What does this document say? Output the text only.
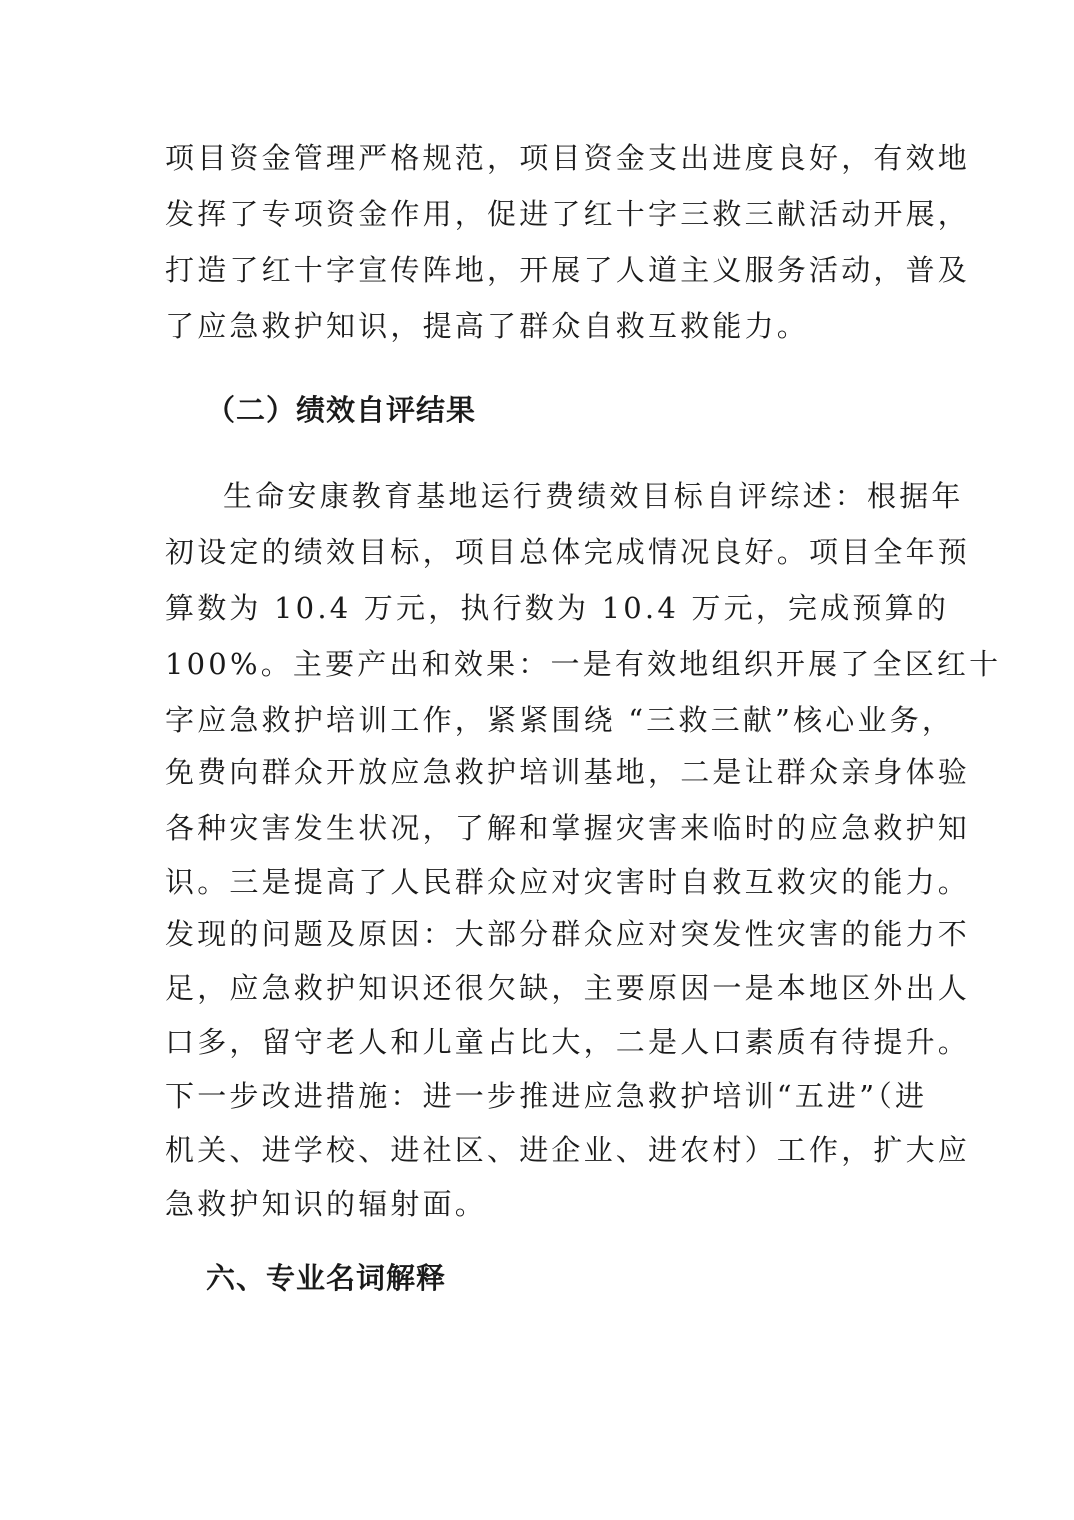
项目资金管理严格规范，项目资金支出进度良好，有效地
发挥了专项资金作用，促进了红十字三救三献活动开展，
打造了红十字宣传阵地，开展了人道主义服务活动，普及
了应急救护知识，提高了群众自救互救能力。
（二）绩效自评结果
生命安康教育基地运行费绩效目标自评综述：根据年
初设定的绩效目标，项目总体完成情况良好。项目全年预
算数为 10.4 万元，执行数为 10.4 万元，完成预算的
100%。主要产出和效果：一是有效地组织开展了全区红十
字应急救护培训工作，紧紧围绕 “三救三献”核心业务，
免费向群众开放应急救护培训基地，二是让群众亲身体验
各种灾害发生状况，了解和掌握灾害来临时的应急救护知
识。三是提高了人民群众应对灾害时自救互救灾的能力。
发现的问题及原因：大部分群众应对突发性灾害的能力不
足，应急救护知识还很欠缺，主要原因一是本地区外出人
口多，留守老人和儿童占比大，二是人口素质有待提升。
下一步改进措施：进一步推进应急救护培训“五进”（进
机关、进学校、进社区、进企业、进农村）工作，扩大应
急救护知识的辐射面。
六、专业名词解释
